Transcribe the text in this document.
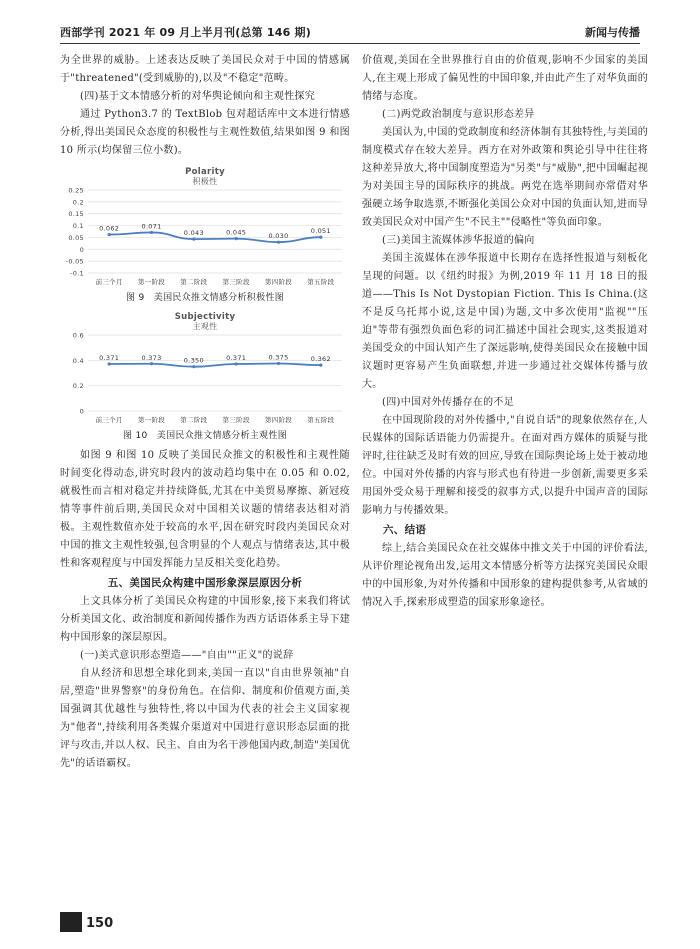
西部学刊 2021 年 09 月上半月刊(总第 146 期)	新闻与传播

为全世界的威胁。上述表达反映了美国民众对于中国的情感属于"threatened"(受到威胁的),以及"不稳定"范畴。

(四)基于文本情感分析的对华舆论倾向和主观性探究

通过 Python3.7 的 TextBlob 包对超话库中文本进行情感分析,得出美国民众态度的积极性与主观性数值,结果如图 9 和图 10 所示(均保留三位小数)。

Polarity
积极性
0.25
0.2
0.15
0.1
0.05
0
-0.05
-0.1
前三个月 第一阶段 第二阶段 第三阶段 第四阶段 第五阶段
0.062	0.071
0.043	0.045	0.030
0.051
图 9　美国民众推文情感分析积极性图
Subjectivity
主观性
0.6
0.4
0.2
0
前三个月 第一阶段 第二阶段 第三阶段 第四阶段 第五阶段
0.371	0.373	0.350	0.371	0.375	0.362
图 10　美国民众推文情感分析主观性图

如图 9 和图 10 反映了美国民众推文的积极性和主观性随时间变化得动态,讲究时段内的波动趋均集中在 0.05 和 0.02,就极性而言相对稳定并持续降低,尤其在中美贸易摩擦、新冠疫情等事件前后期,美国民众对中国相关议题的情绪表达相对消极。主观性数值亦处于较高的水平,因在研究时段内美国民众对中国的推文主观性较强,包含明显的个人观点与情绪表达,其中极性和客观程度与中国发挥能力呈反相关变化趋势。

五、美国民众构建中国形象深层原因分析

上文具体分析了美国民众构建的中国形象,接下来我们将试分析美国文化、政治制度和新闻传播作为西方话语体系主导下建构中国形象的深层原因。

(一)美式意识形态塑造——"自由""正义"的说辞

自从经济和思想全球化到来,美国一直以"自由世界领袖"自居,塑造"世界警察"的身份角色。在信仰、制度和价值观方面,美国强调其优越性与独特性,将以中国为代表的社会主义国家视为"他者",持续利用各类媒介渠道对中国进行意识形态层面的批评与攻击,并以人权、民主、自由为名干涉他国内政,制造"美国优先"的话语霸权。

价值观,美国在全世界推行自由的价值观,影响不少国家的美国人,在主观上形成了偏见性的中国印象,并由此产生了对华负面的情绪与态度。

(二)两党政治制度与意识形态差异

美国认为,中国的党政制度和经济体制有其独特性,与美国的制度模式存在较大差异。西方在对外政策和舆论引导中往往将这种差异放大,将中国制度塑造为"另类"与"威胁",把中国崛起视为对美国主导的国际秩序的挑战。两党在选举期间亦常借对华强硬立场争取选票,不断强化美国公众对中国的负面认知,进而导致美国民众对中国产生"不民主""侵略性"等负面印象。

(三)美国主流媒体涉华报道的偏向

美国主流媒体在涉华报道中长期存在选择性报道与刻板化呈现的问题。以《纽约时报》为例,2019 年 11 月 18 日的报道——This Is Not Dystopian Fiction. This Is China.(这不是反乌托邦小说,这是中国)为题,文中多次使用"监视""压迫"等带有强烈负面色彩的词汇描述中国社会现实,这类报道对美国受众的中国认知产生了深远影响,使得美国民众在接触中国议题时更容易产生负面联想,并进一步通过社交媒体传播与放大。

(四)中国对外传播存在的不足

在中国现阶段的对外传播中,"自说自话"的现象依然存在,人民媒体的国际话语能力仍需提升。在面对西方媒体的质疑与批评时,往往缺乏及时有效的回应,导致在国际舆论场上处于被动地位。中国对外传播的内容与形式也有待进一步创新,需要更多采用国外受众易于理解和接受的叙事方式,以提升中国声音的国际影响力与传播效果。

六、结语

综上,结合美国民众在社交媒体中推文关于中国的评价看法,从评价理论视角出发,运用文本情感分析等方法探究美国民众眼中的中国形象,为对外传播和中国形象的建构提供参考,从省域的情况入手,探索形成塑造的国家形象途径。

150
